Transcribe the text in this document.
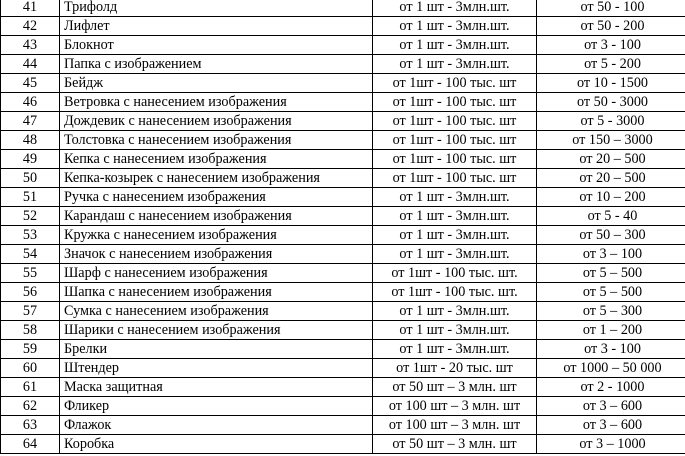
41	Трифолд	от 1 шт - 3млн.шт.	от 50 - 100
42	Лифлет	от 1 шт - 3млн.шт.	от 50 - 200
43	Блокнот	от 1 шт - 3млн.шт.	от 3 - 100
44	Папка с изображением	от 1 шт - 3млн.шт.	от 5 - 200
45	Бейдж	от 1шт - 100 тыс. шт	от 10 - 1500
46	Ветровка с нанесением изображения	от 1шт - 100 тыс. шт	от 50 - 3000
47	Дождевик с нанесением изображения	от 1шт - 100 тыс. шт	от 5 - 3000
48	Толстовка с нанесением изображения	от 1шт - 100 тыс. шт	от 150 – 3000
49	Кепка с нанесением изображения	от 1шт - 100 тыс. шт	от 20 – 500
50	Кепка-козырек с нанесением изображения	от 1шт - 100 тыс. шт	от 20 – 500
51	Ручка с нанесением изображения	от 1 шт - 3млн.шт.	от 10 – 200
52	Карандаш с нанесением изображения	от 1 шт - 3млн.шт.	от 5 - 40
53	Кружка с нанесением изображения	от 1 шт - 3млн.шт.	от 50 – 300
54	Значок с нанесением изображения	от 1 шт - 3млн.шт.	от 3 – 100
55	Шарф с нанесением изображения	от 1шт - 100 тыс. шт.	от 5 – 500
56	Шапка с нанесением изображения	от 1шт - 100 тыс. шт.	от 5 – 500
57	Сумка с нанесением изображения	от 1 шт - 3млн.шт.	от 5 – 300
58	Шарики с нанесением изображения	от 1 шт - 3млн.шт.	от 1 – 200
59	Брелки	от 1 шт - 3млн.шт.	от 3 - 100
60	Штендер	от 1шт - 20 тыс. шт	от 1000 – 50 000
61	Маска защитная	от 50 шт – 3 млн. шт	от 2 - 1000
62	Фликер	от 100 шт – 3 млн. шт	от 3 – 600
63	Флажок	от 100 шт – 3 млн. шт	от 3 – 600
64	Коробка	от 50 шт – 3 млн. шт	от 3 – 1000
